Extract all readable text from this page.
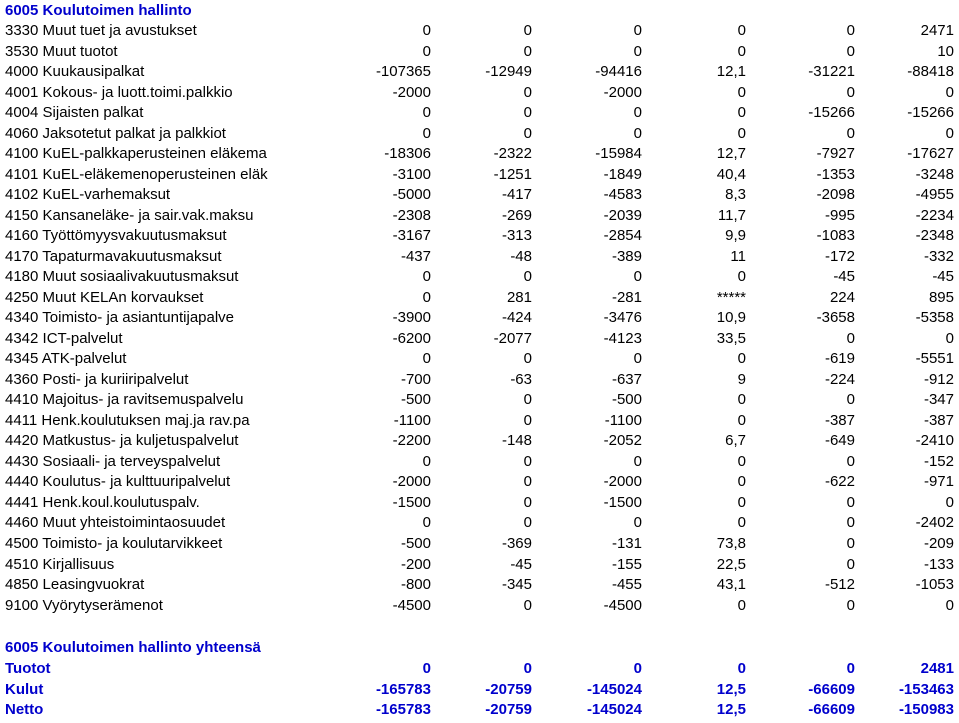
6005 Koulutoimen hallinto
3330 Muut tuet ja avustukset	0	0	0	0	0	2471
3530 Muut tuotot	0	0	0	0	0	10
4000 Kuukausipalkat	-107365	-12949	-94416	12,1	-31221	-88418
4001 Kokous- ja luott.toimi.palkkio	-2000	0	-2000	0	0	0
4004 Sijaisten palkat	0	0	0	0	-15266	-15266
4060 Jaksotetut palkat ja palkkiot	0	0	0	0	0	0
4100 KuEL-palkkaperusteinen eläkema	-18306	-2322	-15984	12,7	-7927	-17627
4101 KuEL-eläkemenoperusteinen eläk	-3100	-1251	-1849	40,4	-1353	-3248
4102 KuEL-varhemaksut	-5000	-417	-4583	8,3	-2098	-4955
4150 Kansaneläke- ja sair.vak.maksu	-2308	-269	-2039	11,7	-995	-2234
4160 Työttömyysvakuutusmaksut	-3167	-313	-2854	9,9	-1083	-2348
4170 Tapaturmavakuutusmaksut	-437	-48	-389	11	-172	-332
4180 Muut sosiaalivakuutusmaksut	0	0	0	0	-45	-45
4250 Muut KELAn korvaukset	0	281	-281	*****	224	895
4340 Toimisto- ja asiantuntijapalve	-3900	-424	-3476	10,9	-3658	-5358
4342 ICT-palvelut	-6200	-2077	-4123	33,5	0	0
4345 ATK-palvelut	0	0	0	0	-619	-5551
4360 Posti- ja kuriiripalvelut	-700	-63	-637	9	-224	-912
4410 Majoitus- ja ravitsemuspalvelu	-500	0	-500	0	0	-347
4411 Henk.koulutuksen maj.ja rav.pa	-1100	0	-1100	0	-387	-387
4420 Matkustus- ja kuljetuspalvelut	-2200	-148	-2052	6,7	-649	-2410
4430 Sosiaali- ja terveyspalvelut	0	0	0	0	0	-152
4440 Koulutus- ja kulttuuripalvelut	-2000	0	-2000	0	-622	-971
4441 Henk.koul.koulutuspalv.	-1500	0	-1500	0	0	0
4460 Muut yhteistoimintaosuudet	0	0	0	0	0	-2402
4500 Toimisto- ja koulutarvikkeet	-500	-369	-131	73,8	0	-209
4510 Kirjallisuus	-200	-45	-155	22,5	0	-133
4850 Leasingvuokrat	-800	-345	-455	43,1	-512	-1053
9100 Vyörytyserämenot	-4500	0	-4500	0	0	0
6005 Koulutoimen hallinto yhteensä
Tuotot	0	0	0	0	0	2481
Kulut	-165783	-20759	-145024	12,5	-66609	-153463
Netto	-165783	-20759	-145024	12,5	-66609	-150983
